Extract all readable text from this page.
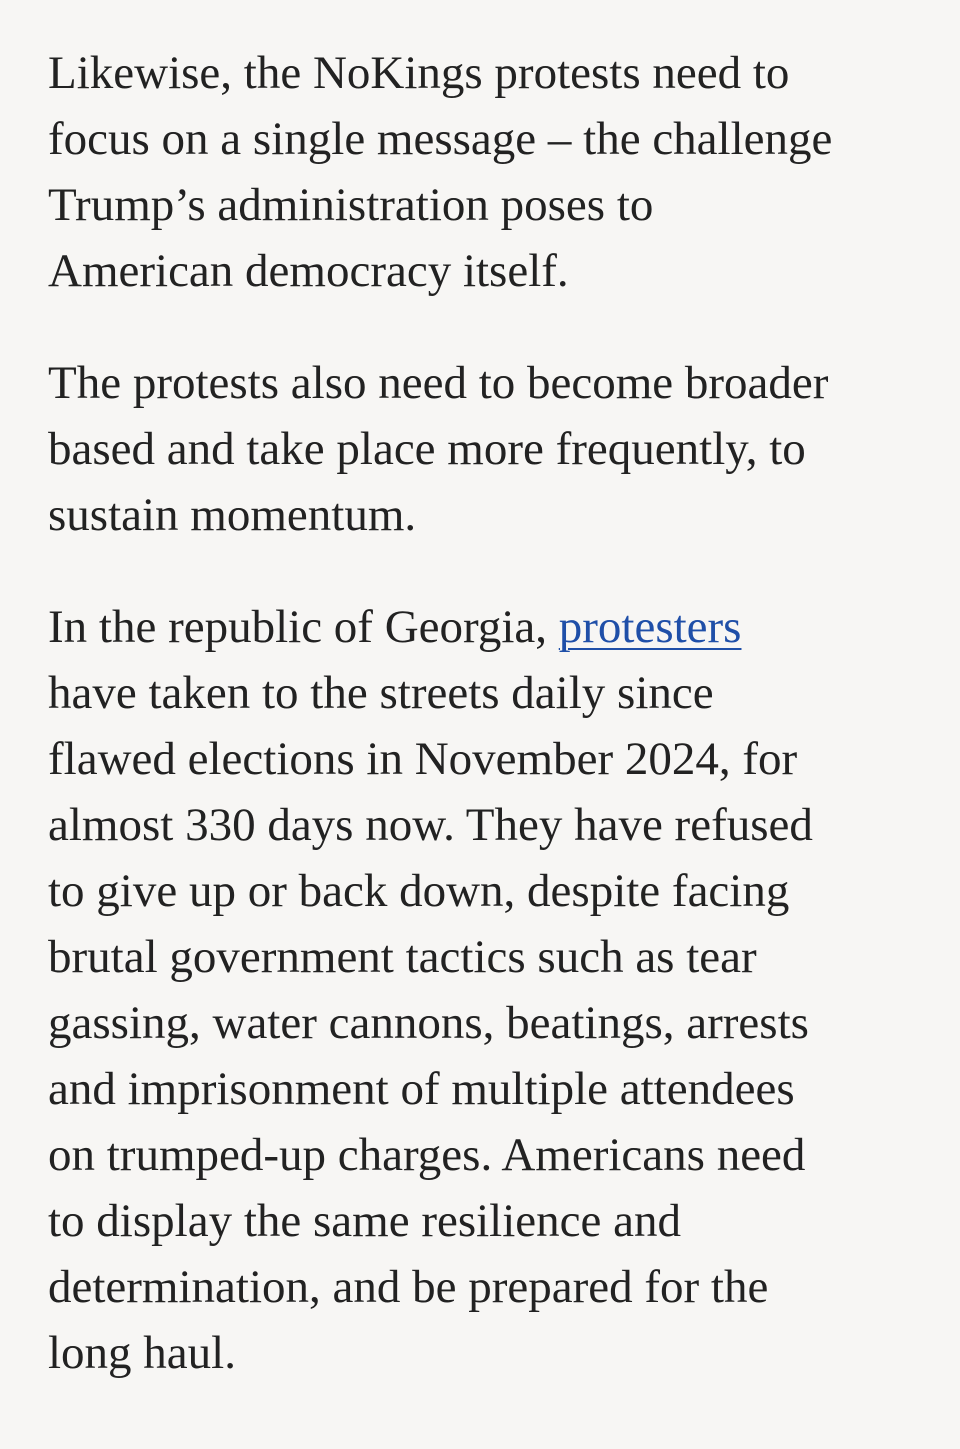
Likewise, the NoKings protests need to
focus on a single message – the challenge
Trump’s administration poses to
American democracy itself.

The protests also need to become broader
based and take place more frequently, to
sustain momentum.

In the republic of Georgia, protesters
have taken to the streets daily since
flawed elections in November 2024, for
almost 330 days now. They have refused
to give up or back down, despite facing
brutal government tactics such as tear
gassing, water cannons, beatings, arrests
and imprisonment of multiple attendees
on trumped-up charges. Americans need
to display the same resilience and
determination, and be prepared for the
long haul.
